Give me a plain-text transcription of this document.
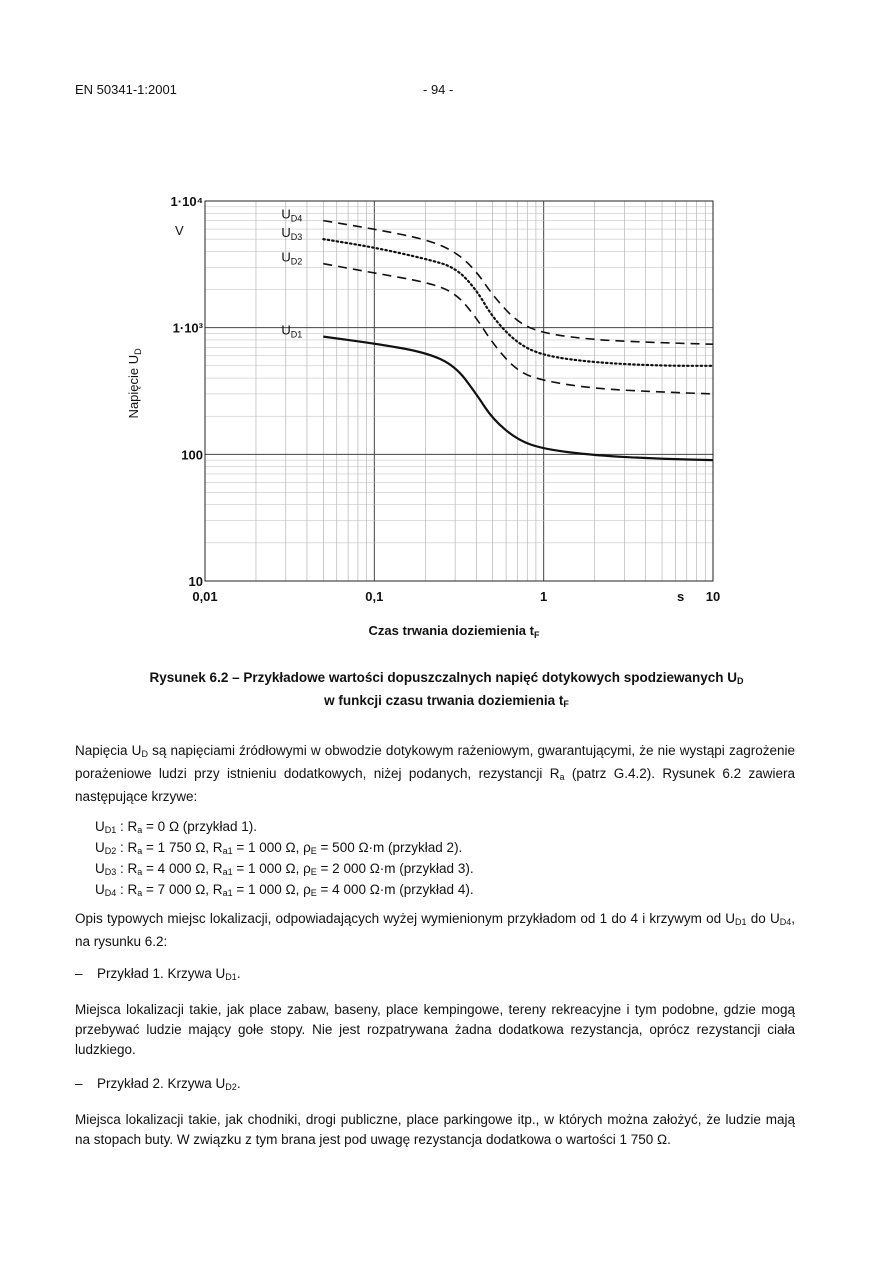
EN 50341-1:2001	- 94 -
0,01	0,1	1	10
10
100
1·10³
1·10⁴
$U_{D4}$
$U_{D3}$
$U_{D2}$
$U_{D1}$
V
s
Napięcie $U_D$
Czas trwania doziemienia $t_F$
Rysunek 6.2 – Przykładowe wartości dopuszczalnych napięć dotykowych spodziewanych $U_D$
w funkcji czasu trwania doziemienia $t_F$

Napięcia $U_D$ są napięciami źródłowymi w obwodzie dotykowym rażeniowym, gwarantującymi, że nie wystąpi zagrożenie porażeniowe ludzi przy istnieniu dodatkowych, niżej podanych, rezystancji $R_a$ (patrz G.4.2). Rysunek 6.2 zawiera następujące krzywe:

$U_{D1}$ : $R_a = 0$ Ω (przykład 1).
$U_{D2}$ : $R_a = 1$ 750 Ω, $R_{a1} = 1$ 000 Ω, $\rho_E = 500$ Ω·m (przykład 2).
$U_{D3}$ : $R_a = 4$ 000 Ω, $R_{a1} = 1$ 000 Ω, $\rho_E = 2$ 000 Ω·m (przykład 3).
$U_{D4}$ : $R_a = 7$ 000 Ω, $R_{a1} = 1$ 000 Ω, $\rho_E = 4$ 000 Ω·m (przykład 4).

Opis typowych miejsc lokalizacji, odpowiadających wyżej wymienionym przykładom od 1 do 4 i krzywym od $U_{D1}$ do $U_{D4}$, na rysunku 6.2:

– Przykład 1. Krzywa $U_{D1}$.

Miejsca lokalizacji takie, jak place zabaw, baseny, place kempingowe, tereny rekreacyjne i tym podobne, gdzie mogą przebywać ludzie mający gołe stopy. Nie jest rozpatrywana żadna dodatkowa rezystancja, oprócz rezystancji ciała ludzkiego.

– Przykład 2. Krzywa $U_{D2}$.

Miejsca lokalizacji takie, jak chodniki, drogi publiczne, place parkingowe itp., w których można założyć, że ludzie mają na stopach buty. W związku z tym brana jest pod uwagę rezystancja dodatkowa o wartości 1 750 Ω.
